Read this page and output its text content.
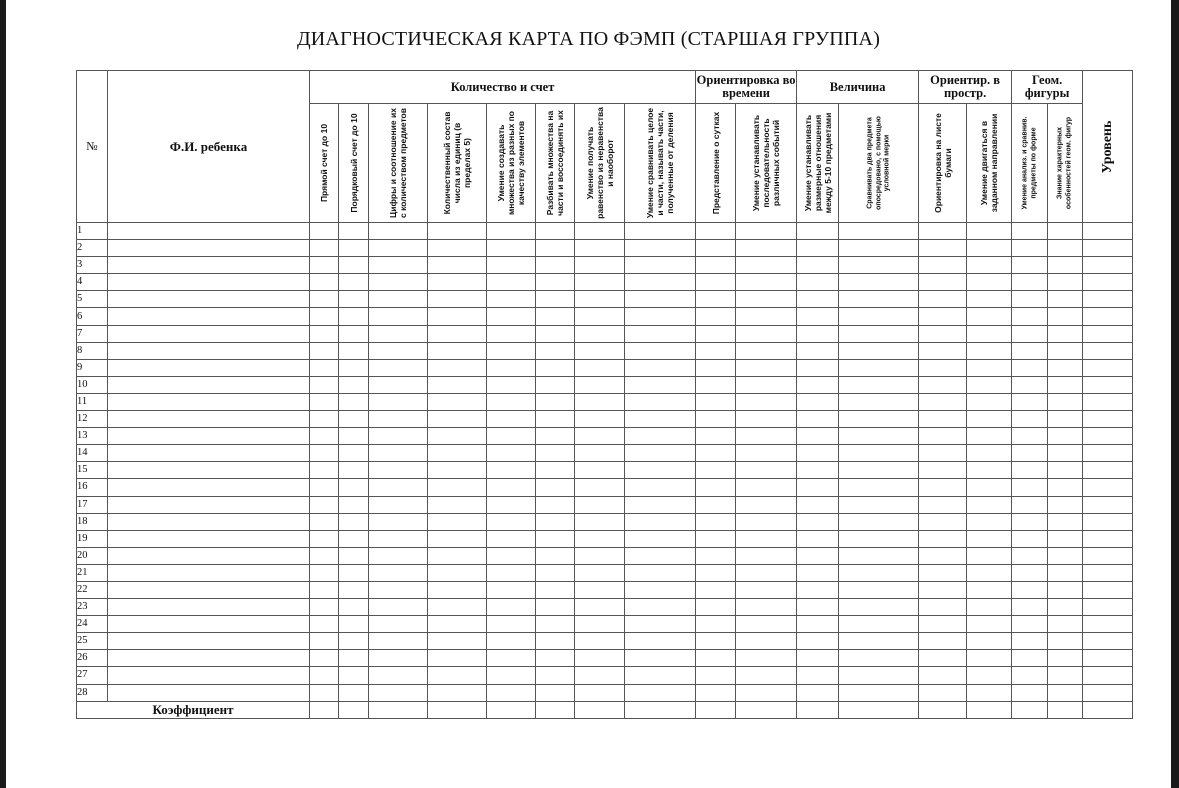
ДИАГНОСТИЧЕСКАЯ КАРТА ПО ФЭМП (СТАРШАЯ ГРУППА)
№	Ф.И. ребенка	Количество и счет								Ориентировка во времени		Величина		Ориентир. в простр.		Геом. фигуры		Уровень

		Прямой счет до 10	Порядковый счет до 10	Цифры и соотношение их с количеством предметов	Количественный состав числа из единиц (в пределах 5)	Умение создавать множества из разных по качеству элементов	Разбивать множества на части и воссоединять их	Умение получать равенство из неравенства и наоборот	Умение сравнивать целое и части, называть части, полученные от деления	Представление о сутках	Умение устанавливать последовательность различных событий	Умение устанавливать размерные отношения между 5-10 предметами	Сравнивать два предмета опосредовано, с помощью условной мерки	Ориентировка на листе бумаги	Умение двигаться в заданном направлении	Умение анализ. и сравнив. предметы по форме	Знание характерных особенностей геом. фигур	

1																		
2																		
3																		
4																		
5																		
6																		
7																		
8																		
9																		
10																		
11																		
12																		
13																		
14																		
15																		
16																		
17																		
18																		
19																		
20																		
21																		
22																		
23																		
24																		
25																		
26																		
27																		
28																		
Коэффициент																		
